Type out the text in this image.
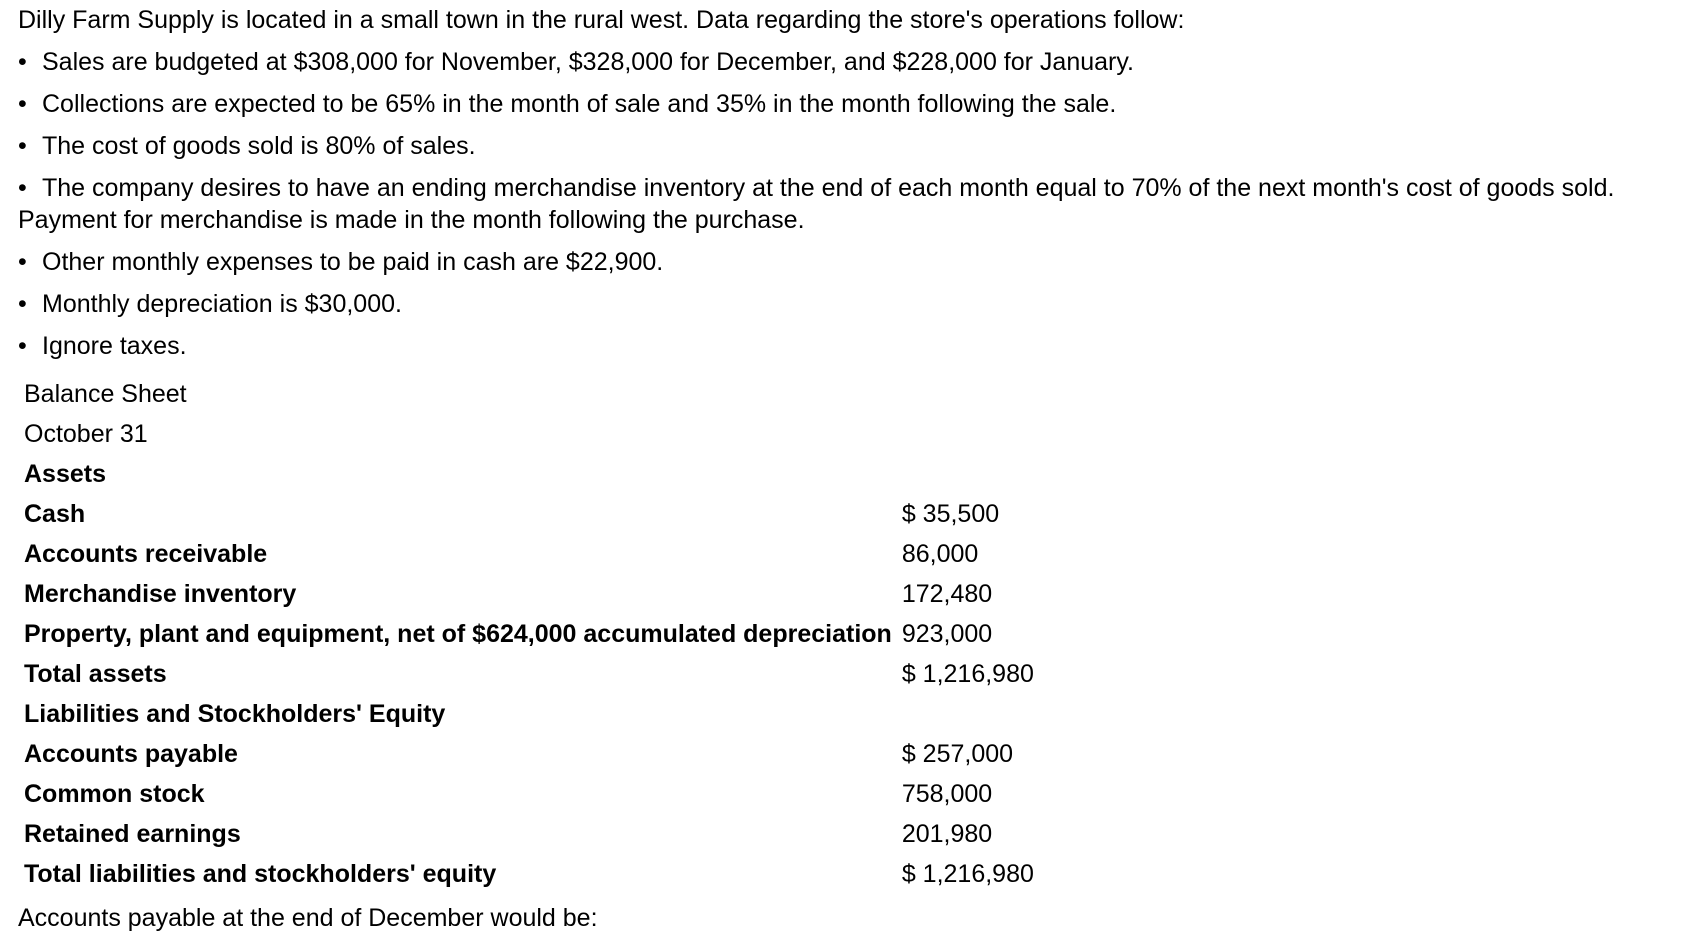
Dilly Farm Supply is located in a small town in the rural west. Data regarding the store's operations follow:
• Sales are budgeted at $308,000 for November, $328,000 for December, and $228,000 for January.
• Collections are expected to be 65% in the month of sale and 35% in the month following the sale.
• The cost of goods sold is 80% of sales.
• The company desires to have an ending merchandise inventory at the end of each month equal to 70% of the next month's cost of goods sold. Payment for merchandise is made in the month following the purchase.
• Other monthly expenses to be paid in cash are $22,900.
• Monthly depreciation is $30,000.
• Ignore taxes.
Balance Sheet	
October 31	
Assets	
Cash	$ 35,500
Accounts receivable	86,000
Merchandise inventory	172,480
Property, plant and equipment, net of $624,000 accumulated depreciation	923,000
Total assets	$ 1,216,980
Liabilities and Stockholders' Equity	
Accounts payable	$ 257,000
Common stock	758,000
Retained earnings	201,980
Total liabilities and stockholders' equity	$ 1,216,980
Accounts payable at the end of December would be:
